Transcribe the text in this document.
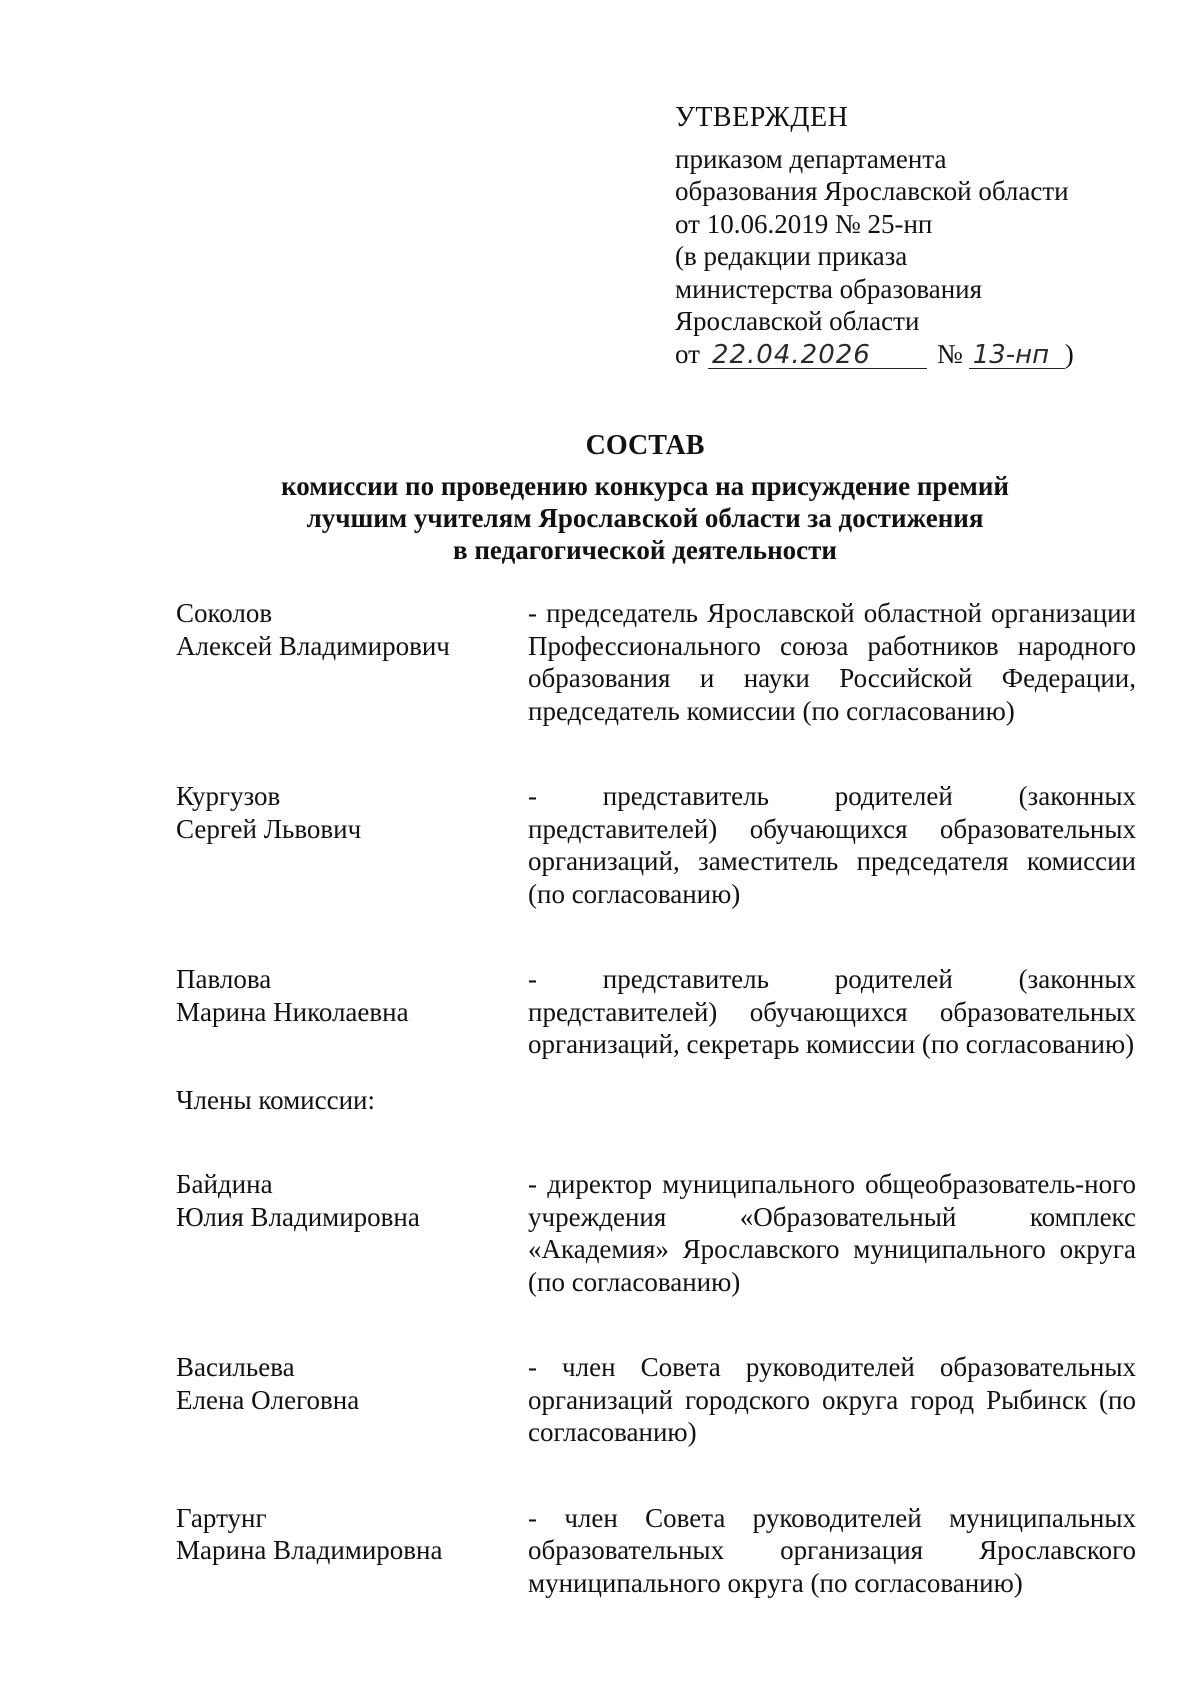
УТВЕРЖДЕН
приказом департамента
образования Ярославской области
от 10.06.2019 № 25-нп
(в редакции приказа
министерства образования
Ярославской области
от 22.04.2026	№ 13-нп )
СОСТАВ
комиссии по проведению конкурса на присуждение премий
лучшим учителям Ярославской области за достижения
в педагогической деятельности
Соколов
Алексей Владимирович
- председатель Ярославской областной организации Профессионального союза работников народного образования и науки Российской Федерации, председатель комиссии (по согласованию)
Кургузов
Сергей Львович
- представитель родителей (законных представителей) обучающихся образовательных организаций, заместитель председателя комиссии (по согласованию)
Павлова
Марина Николаевна
- представитель родителей (законных представителей) обучающихся образовательных организаций, секретарь комиссии (по согласованию)
Члены комиссии:
Байдина
Юлия Владимировна
- директор муниципального общеобразователь-ного учреждения «Образовательный комплекс «Академия» Ярославского муниципального округа (по согласованию)
Васильева
Елена Олеговна
- член Совета руководителей образовательных организаций городского округа город Рыбинск (по согласованию)
Гартунг
Марина Владимировна
- член Совета руководителей муниципальных образовательных организация Ярославского муниципального округа (по согласованию)
